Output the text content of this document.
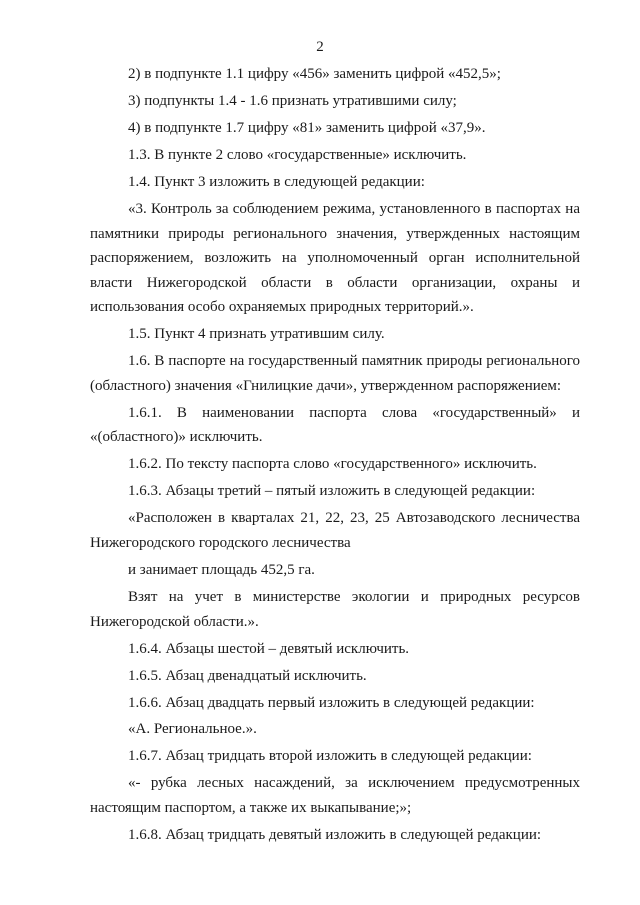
2

2) в подпункте 1.1 цифру «456» заменить цифрой «452,5»;

3) подпункты 1.4 - 1.6 признать утратившими силу;

4) в подпункте 1.7 цифру «81» заменить цифрой «37,9».

1.3. В пункте 2 слово «государственные» исключить.

1.4. Пункт 3 изложить в следующей редакции:

«3. Контроль за соблюдением режима, установленного в паспортах на памятники природы регионального значения, утвержденных настоящим распоряжением, возложить на уполномоченный орган исполнительной власти Нижегородской области в области организации, охраны и использования особо охраняемых природных территорий.».

1.5. Пункт 4 признать утратившим силу.

1.6. В паспорте на государственный памятник природы регионального (областного) значения «Гнилицкие дачи», утвержденном распоряжением:

1.6.1. В наименовании паспорта слова «государственный» и «(областного)» исключить.

1.6.2. По тексту паспорта слово «государственного» исключить.

1.6.3. Абзацы третий – пятый изложить в следующей редакции:

«Расположен в кварталах 21, 22, 23, 25 Автозаводского лесничества Нижегородского городского лесничества

и занимает площадь 452,5 га.

Взят на учет в министерстве экологии и природных ресурсов Нижегородской области.».

1.6.4. Абзацы шестой – девятый исключить.

1.6.5. Абзац двенадцатый исключить.

1.6.6. Абзац двадцать первый изложить в следующей редакции:

«А. Региональное.».

1.6.7. Абзац тридцать второй изложить в следующей редакции:

«- рубка лесных насаждений, за исключением предусмотренных настоящим паспортом, а также их выкапывание;»;

1.6.8. Абзац тридцать девятый изложить в следующей редакции:
